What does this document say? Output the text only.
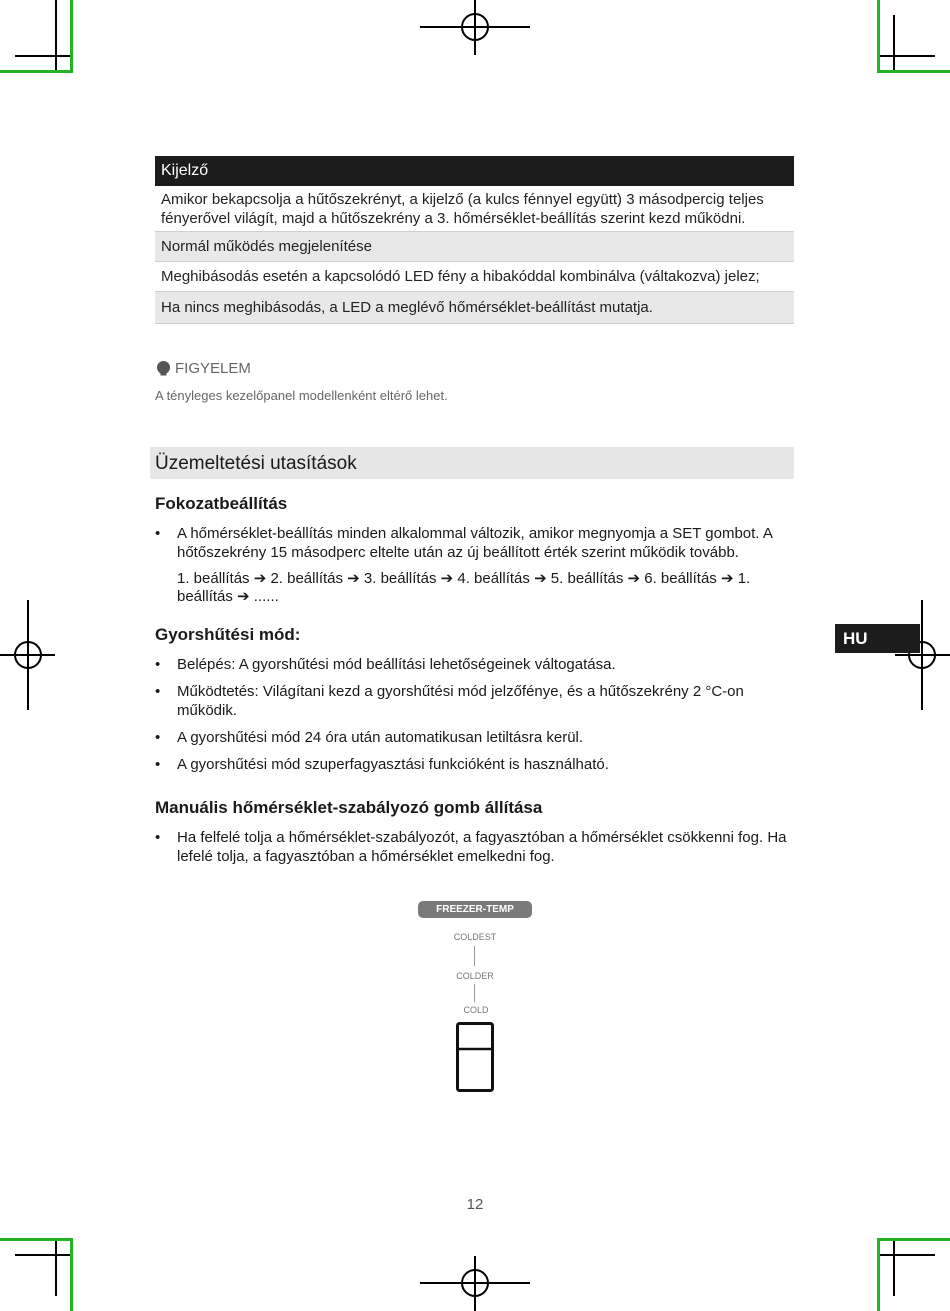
Kijelző
Amikor bekapcsolja a hűtőszekrényt, a kijelző (a kulcs fénnyel együtt) 3 másodpercig teljes fényerővel világít, majd a hűtőszekrény a 3. hőmérséklet-beállítás szerint kezd működni.
Normál működés megjelenítése
Meghibásodás esetén a kapcsolódó LED fény a hibakóddal kombinálva (váltakozva) jelez;
Ha nincs meghibásodás, a LED a meglévő hőmérséklet-beállítást mutatja.
FIGYELEM
A tényleges kezelőpanel modellenként eltérő lehet.
Üzemeltetési utasítások
Fokozatbeállítás
• A hőmérséklet-beállítás minden alkalommal változik, amikor megnyomja a SET gombot. A hőtőszekrény 15 másodperc eltelte után az új beállított érték szerint működik tovább.
1. beállítás ➔ 2. beállítás ➔ 3. beállítás ➔ 4. beállítás ➔ 5. beállítás ➔ 6. beállítás ➔ 1. beállítás ➔ ......
Gyorshűtési mód:
• Belépés: A gyorshűtési mód beállítási lehetőségeinek váltogatása.
• Működtetés: Világítani kezd a gyorshűtési mód jelzőfénye, és a hűtőszekrény 2 °C-on működik.
• A gyorshűtési mód 24 óra után automatikusan letiltásra kerül.
• A gyorshűtési mód szuperfagyasztási funkcióként is használható.
Manuális hőmérséklet-szabályozó gomb állítása
• Ha felfelé tolja a hőmérséklet-szabályozót, a fagyasztóban a hőmérséklet csökkenni fog. Ha lefelé tolja, a fagyasztóban a hőmérséklet emelkedni fog.
HU
FREEZER-TEMP
COLDEST
COLDER
COLD
12
